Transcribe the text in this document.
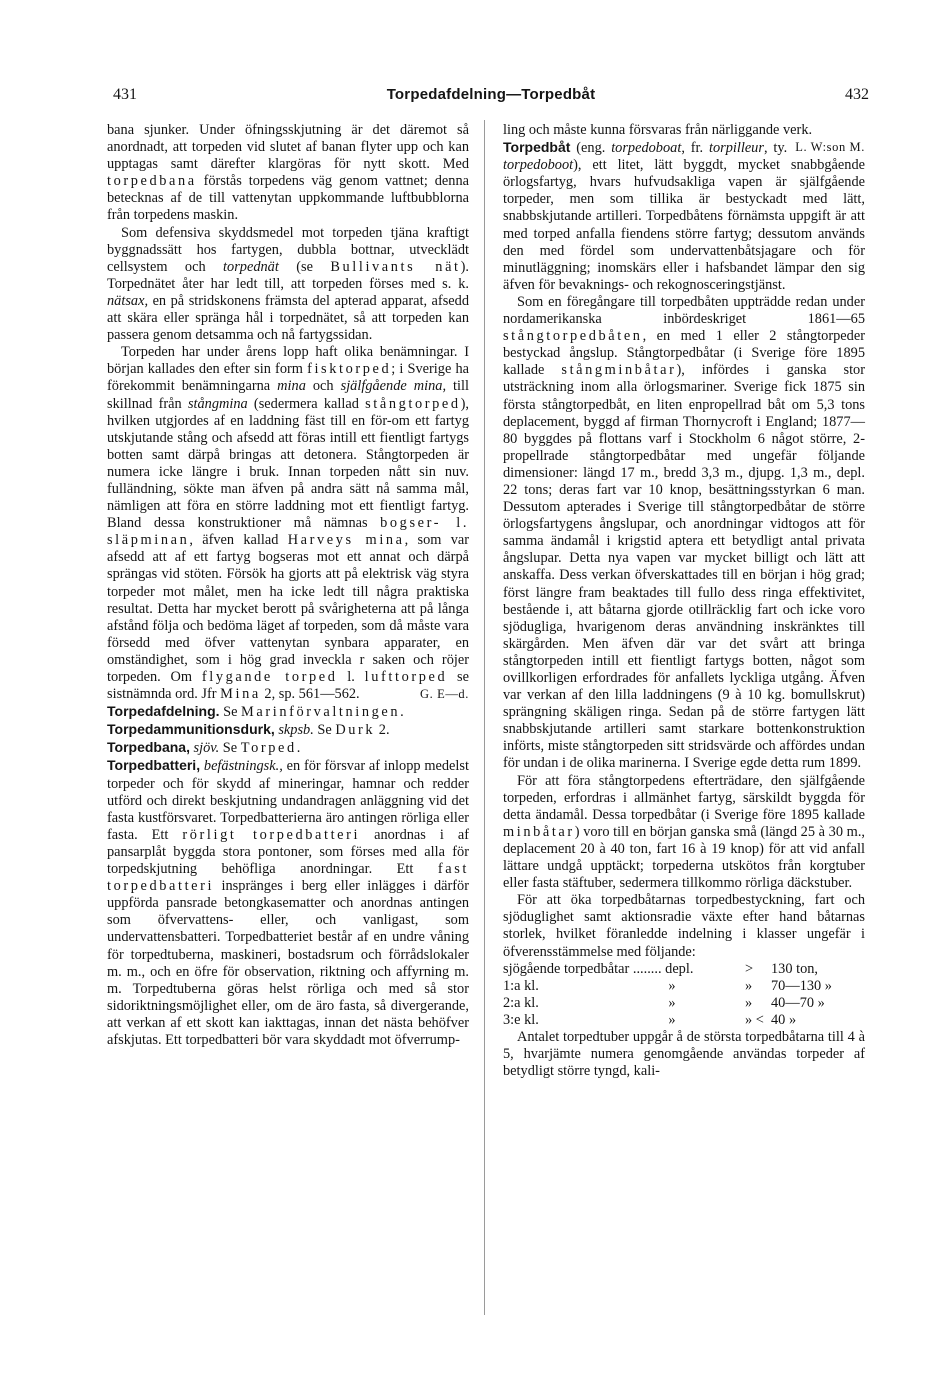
431	Torpedafdelning—Torpedbåt	432

bana sjunker. Under öfningsskjutning är det däremot så anordnadt, att torpeden vid slutet af banan flyter upp och kan upptagas samt därefter klargöras för nytt skott. Med torpedbana förstås torpedens väg genom vattnet; denna betecknas af de till vattenytan uppkommande luftbubblorna från torpedens maskin.

Som defensiva skyddsmedel mot torpeden tjäna kraftigt byggnadssätt hos fartygen, dubbla bottnar, utvecklädt cellsystem och torpednät (se Bullivants nät). Torpednätet åter har ledt till, att torpeden förses med s. k. nätsax, en på stridskonens främsta del apterad apparat, afsedd att skära eller spränga hål i torpednätet, så att torpeden kan passera genom detsamma och nå fartygssidan.

Torpeden har under årens lopp haft olika benämningar. I början kallades den efter sin form fisktorped; i Sverige ha förekommit benämningarna mina och själfgående mina, till skillnad från stångmina (sedermera kallad stångtorped), hvilken utgjordes af en laddning fäst till en för-om ett fartyg utskjutande stång och afsedd att föras intill ett fientligt fartygs botten samt därpå bringas att detonera. Stångtorpeden är numera icke längre i bruk. Innan torpeden nått sin nuv. fulländning, sökte man äfven på andra sätt nå samma mål, nämligen att föra en större laddning mot ett fientligt fartyg. Bland dessa konstruktioner må nämnas bogser- l. släpminan, äfven kallad Harveys mina, som var afsedd att af ett fartyg bogseras mot ett annat och därpå sprängas vid stöten. Försök ha gjorts att på elektrisk väg styra torpeder mot målet, men ha icke ledt till några praktiska resultat. Detta har mycket berott på svårigheterna att på långa afstånd följa och bedöma läget af torpeden, som då måste vara försedd med öfver vattenytan synbara apparater, en omständighet, som i hög grad inveckla r saken och röjer torpeden. Om flygande torped l. lufttorped se sistnämnda ord. Jfr Mina 2, sp. 561—562.	G. E—d.

Torpedafdelning. Se Marinförvaltningen.

Torpedammunitionsdurk, skpsb. Se Durk 2.

Torpedbana, sjöv. Se Torped.

Torpedbatteri, befästningsk., en för försvar af inlopp medelst torpeder och för skydd af mineringar, hamnar och redder utförd och direkt beskjutning undandragen anläggning vid det fasta kustförsvaret. Torpedbatterierna äro antingen rörliga eller fasta. Ett rörligt torpedbatteri anordnas i af pansarplåt byggda stora pontoner, som förses med alla för torpedskjutning behöfliga anordningar. Ett fast torpedbatteri inspränges i berg eller inlägges i därför uppförda pansrade betongkasematter och anordnas antingen som öfvervattens- eller, och vanligast, som undervattensbatteri. Torpedbatteriet består af en undre våning för torpedtuberna, maskineri, bostadsrum och förrådslokaler m. m., och en öfre för observation, riktning och affyrning m. m. Torpedtuberna göras helst rörliga och med så stor sidoriktningsmöjlighet eller, om de äro fasta, så divergerande, att verkan af ett skott kan iakttagas, innan det nästa behöfver afskjutas. Ett torpedbatteri bör vara skyddadt mot öfverrump-

ling och måste kunna försvaras från närliggande verk.
L. W:son M.

Torpedbåt (eng. torpedoboat, fr. torpilleur, ty. torpedoboot), ett litet, lätt byggdt, mycket snabbgående örlogsfartyg, hvars hufvudsakliga vapen är själfgående torpeder, men som tillika är bestyckadt med lätt, snabbskjutande artilleri. Torpedbåtens förnämsta uppgift är att med torped anfalla fiendens större fartyg; dessutom används den med fördel som undervattenbåtsjagare och för minutläggning; inomskärs eller i hafsbandet lämpar den sig äfven för bevaknings- och rekognosceringstjänst.

Som en föregångare till torpedbåten uppträdde redan under nordamerikanska inbördeskriget 1861—65 stångtorpedbåten, en med 1 eller 2 stångtorpeder bestyckad ångslup. Stångtorpedbåtar (i Sverige före 1895 kallade stångminbåtar), infördes i ganska stor utsträckning inom alla örlogsmariner. Sverige fick 1875 sin första stångtorpedbåt, en liten enpropellrad båt om 5,3 tons deplacement, byggd af firman Thornycroft i England; 1877—80 byggdes på flottans varf i Stockholm 6 något större, 2-propellrade stångtorpedbåtar med ungefär följande dimensioner: längd 17 m., bredd 3,3 m., djupg. 1,3 m., depl. 22 tons; deras fart var 10 knop, besättningsstyrkan 6 man. Dessutom apterades i Sverige till stångtorpedbåtar de större örlogsfartygens ångslupar, och anordningar vidtogos att för samma ändamål i krigstid aptera ett betydligt antal privata ångslupar. Detta nya vapen var mycket billigt och lätt att anskaffa. Dess verkan öfverskattades till en början i hög grad; först längre fram beaktades till fullo dess ringa effektivitet, bestående i, att båtarna gjorde otillräcklig fart och icke voro sjödugliga, hvarigenom deras användning inskränktes till skärgården. Men äfven där var det svårt att bringa stångtorpeden intill ett fientligt fartygs botten, något som ovillkorligen erfordrades för anfallets lyckliga utgång. Äfven var verkan af den lilla laddningens (9 à 10 kg. bomullskrut) sprängning skäligen ringa. Sedan på de större fartygen lätt snabbskjutande artilleri samt starkare bottenkonstruktion införts, miste stångtorpeden sitt stridsvärde och affördes undan för undan i de olika marinerna. I Sverige egde detta rum 1899.

För att föra stångtorpedens efterträdare, den själfgående torpeden, erfordras i allmänhet fartyg, särskildt byggda för detta ändamål. Dessa torpedbåtar (i Sverige före 1895 kallade minbåtar) voro till en början ganska små (längd 25 à 30 m., deplacement 20 à 40 ton, fart 16 à 19 knop) för att vid anfall lättare undgå upptäckt; torpederna utskötos från korgtuber eller fasta stäftuber, sedermera tillkommo rörliga däckstuber.

För att öka torpedbåtarnas torpedbestyckning, fart och sjöduglighet samt aktionsradie växte efter hand båtarnas storlek, hvilket föranledde indelning i klasser ungefär i öfverensstämmelse med följande:

sjögående torpedbåtar ........ depl.		>	130 ton,
1:a kl.	»	»	70—130 »
2:a kl.	»	»	40—70 »
3:e kl.	»	» <	40 »

Antalet torpedtuber uppgår å de största torpedbåtarna till 4 à 5, hvarjämte numera genomgående användas torpeder af betydligt större tyngd, kali-
